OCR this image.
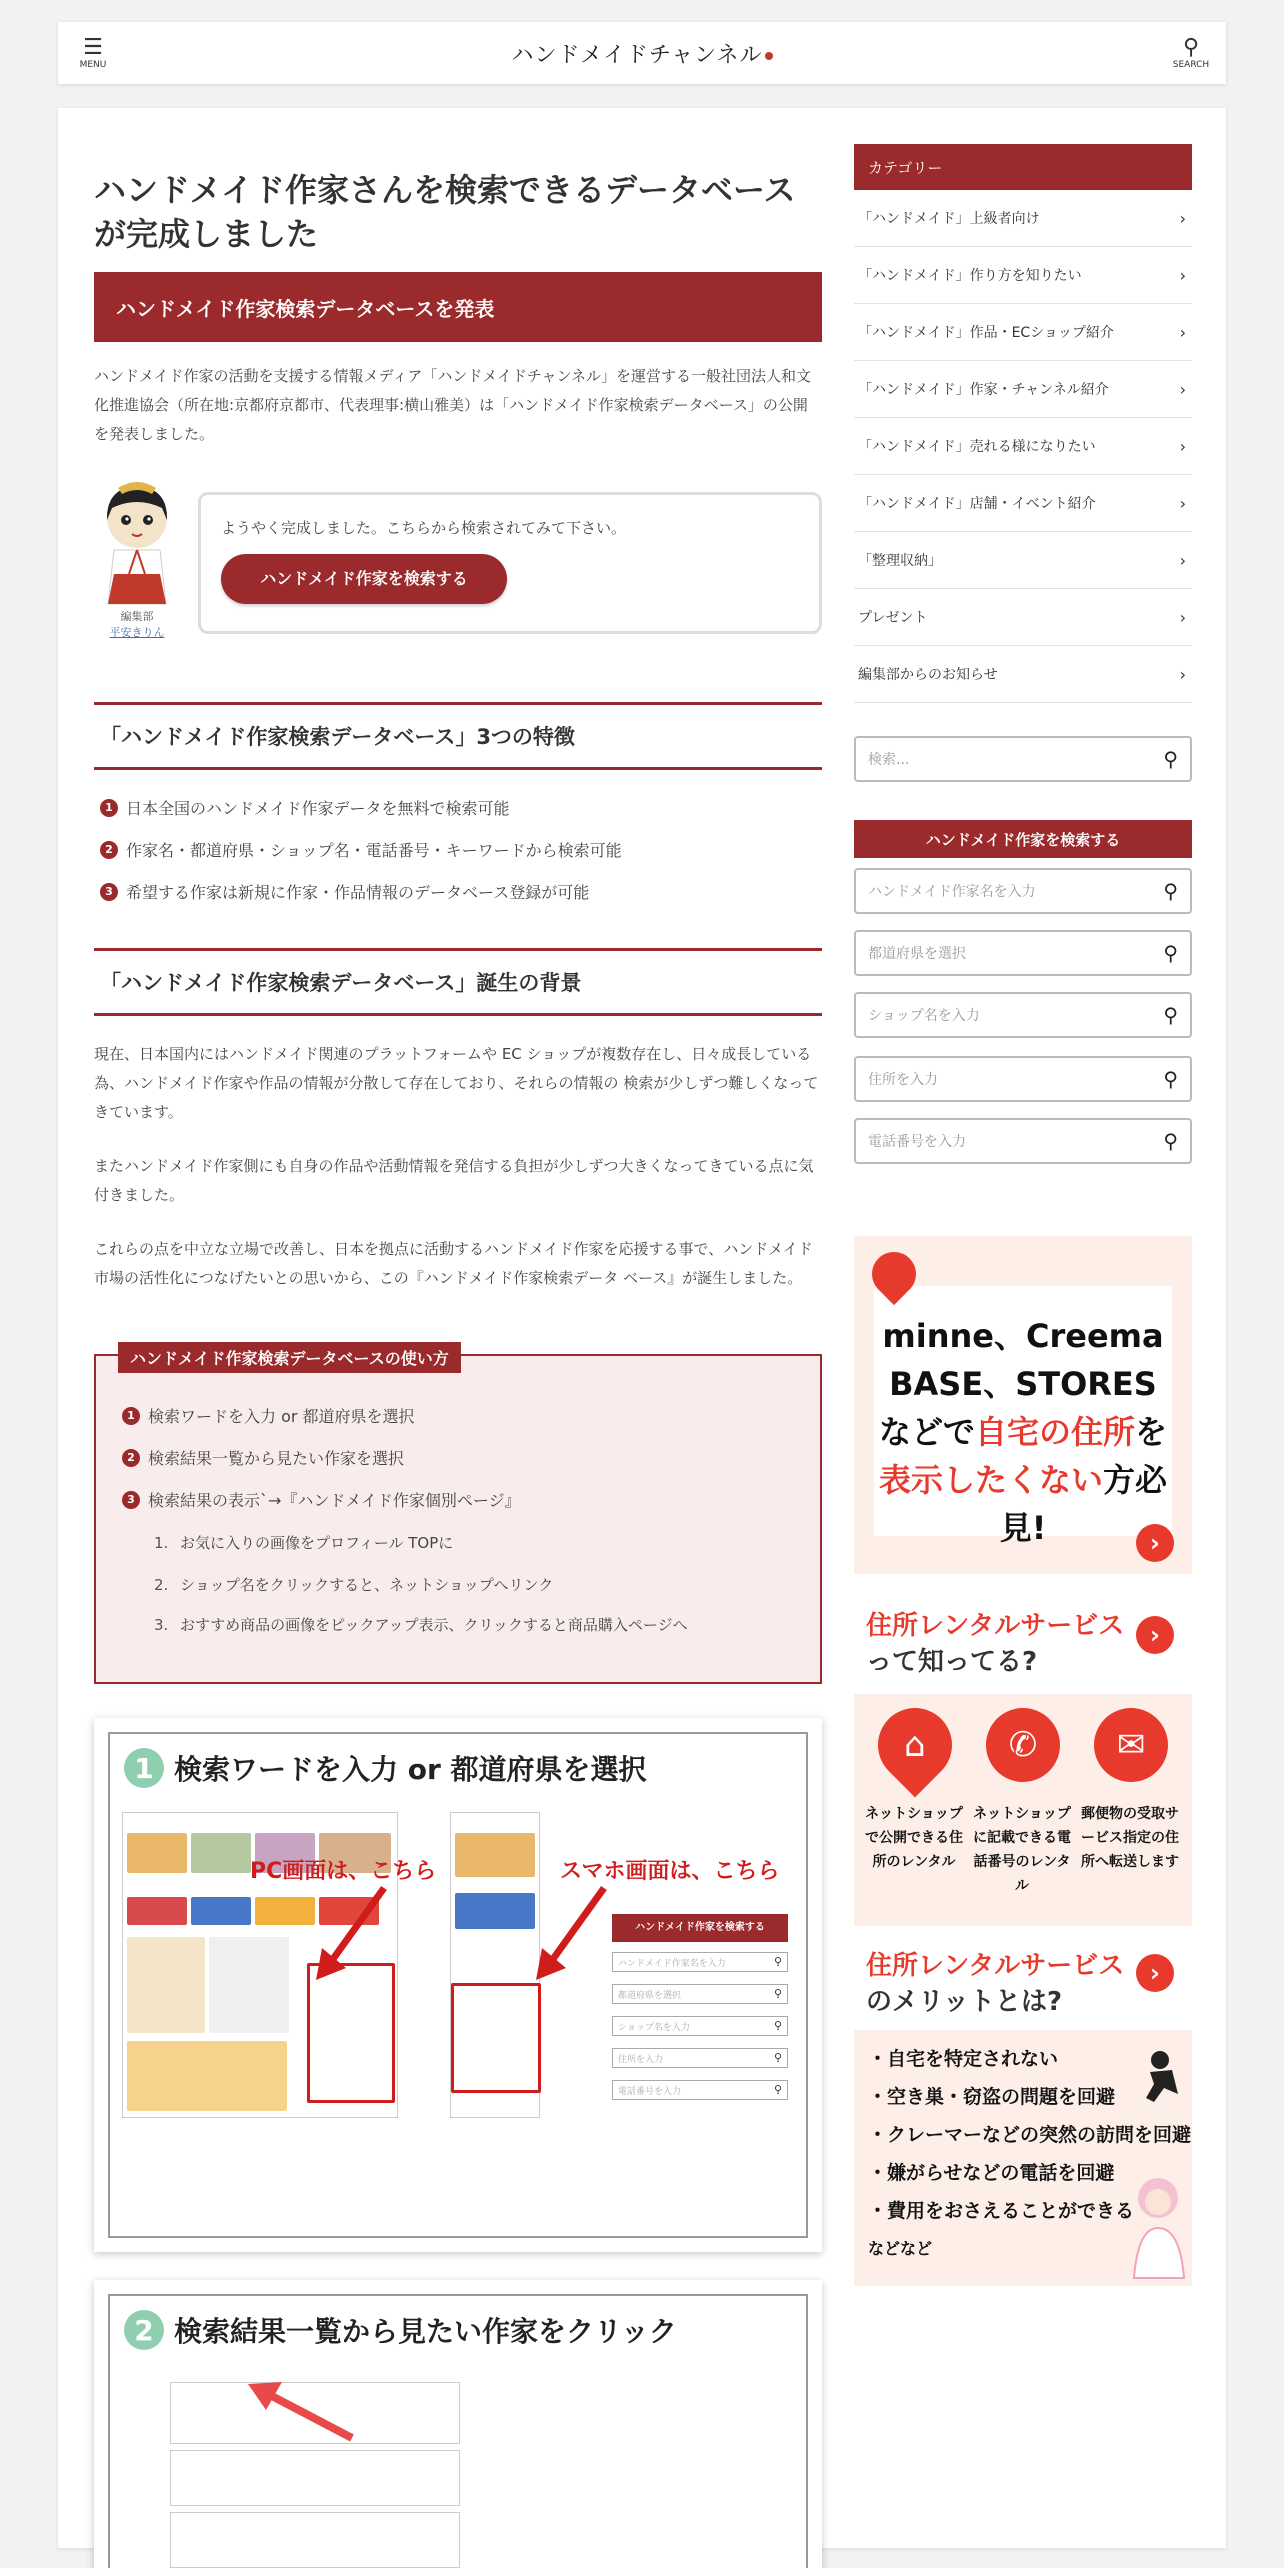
☰
MENU	ハンドメイドチャンネル	⚲
SEARCH
ハンドメイド作家さんを検索できるデータベース
が完成しました
ハンドメイド作家検索データベースを発表

ハンドメイド作家の活動を支援する情報メディア「ハンドメイドチャンネル」を運営する一般社団法人和文化推進協会（所在地:京都府京都市、代表理事:横山雅美）は「ハンドメイド作家検索データベース」の公開を発表しました。

編集部
平安きりん

ようやく完成しました。こちらから検索されてみて下さい。

ハンドメイド作家を検索する
「ハンドメイド作家検索データベース」3つの特徴
1 日本全国のハンドメイド作家データを無料で検索可能
2 作家名・都道府県・ショップ名・電話番号・キーワードから検索可能
3 希望する作家は新規に作家・作品情報のデータベース登録が可能
「ハンドメイド作家検索データベース」誕生の背景

現在、日本国内にはハンドメイド関連のプラットフォームや EC ショップが複数存在し、日々成長している為、ハンドメイド作家や作品の情報が分散して存在しており、それらの情報の 検索が少しずつ難しくなってきています。

またハンドメイド作家側にも自身の作品や活動情報を発信する負担が少しずつ大きくなってきている点に気付きました。

これらの点を中立な立場で改善し、日本を拠点に活動するハンドメイド作家を応援する事で、ハンドメイド市場の活性化につなげたいとの思いから、この『ハンドメイド作家検索データ ベース』が誕生しました。

ハンドメイド作家検索データベースの使い方
1 検索ワードを入力 or 都道府県を選択
2 検索結果一覧から見たい作家を選択
3 検索結果の表示`→『ハンドメイド作家個別ページ』
1. お気に入りの画像をプロフィール TOPに
2. ショップ名をクリックすると、ネットショップへリンク
3. おすすめ商品の画像をピックアップ表示、クリックすると商品購入ページへ
1 検索ワードを入力 or 都道府県を選択
PC画面は、こちら	スマホ画面は、こちら
ハンドメイド作家を検索する
ハンドメイド作家名を入力 ⚲
都道府県を選択 ⚲
ショップ名を入力 ⚲
住所を入力 ⚲
電話番号を入力 ⚲
2 検索結果一覧から見たい作家をクリック
カテゴリー
「ハンドメイド」上級者向け	›
「ハンドメイド」作り方を知りたい	›
「ハンドメイド」作品・ECショップ紹介	›
「ハンドメイド」作家・チャンネル紹介	›
「ハンドメイド」売れる様になりたい	›
「ハンドメイド」店舗・イベント紹介	›
「整理収納」	›
プレゼント	›
編集部からのお知らせ	›
検索...	⚲
ハンドメイド作家を検索する
ハンドメイド作家名を入力	⚲
都道府県を選択	⚲
ショップ名を入力	⚲
住所を入力	⚲
電話番号を入力	⚲
minne、Creema
BASE、STORES
などで自宅の住所を
表示したくない方必見!	›
住所レンタルサービス
って知ってる?
›
⌂	✆	✉
ネットショップで公開できる住所のレンタル
ネットショップに記載できる電話番号のレンタル
郵便物の受取サービス指定の住所へ転送します
住所レンタルサービス
のメリットとは?
›
・自宅を特定されない
・空き巣・窃盗の問題を回避
・クレーマーなどの突然の訪問を回避
・嫌がらせなどの電話を回避
・費用をおさえることができる
などなど
